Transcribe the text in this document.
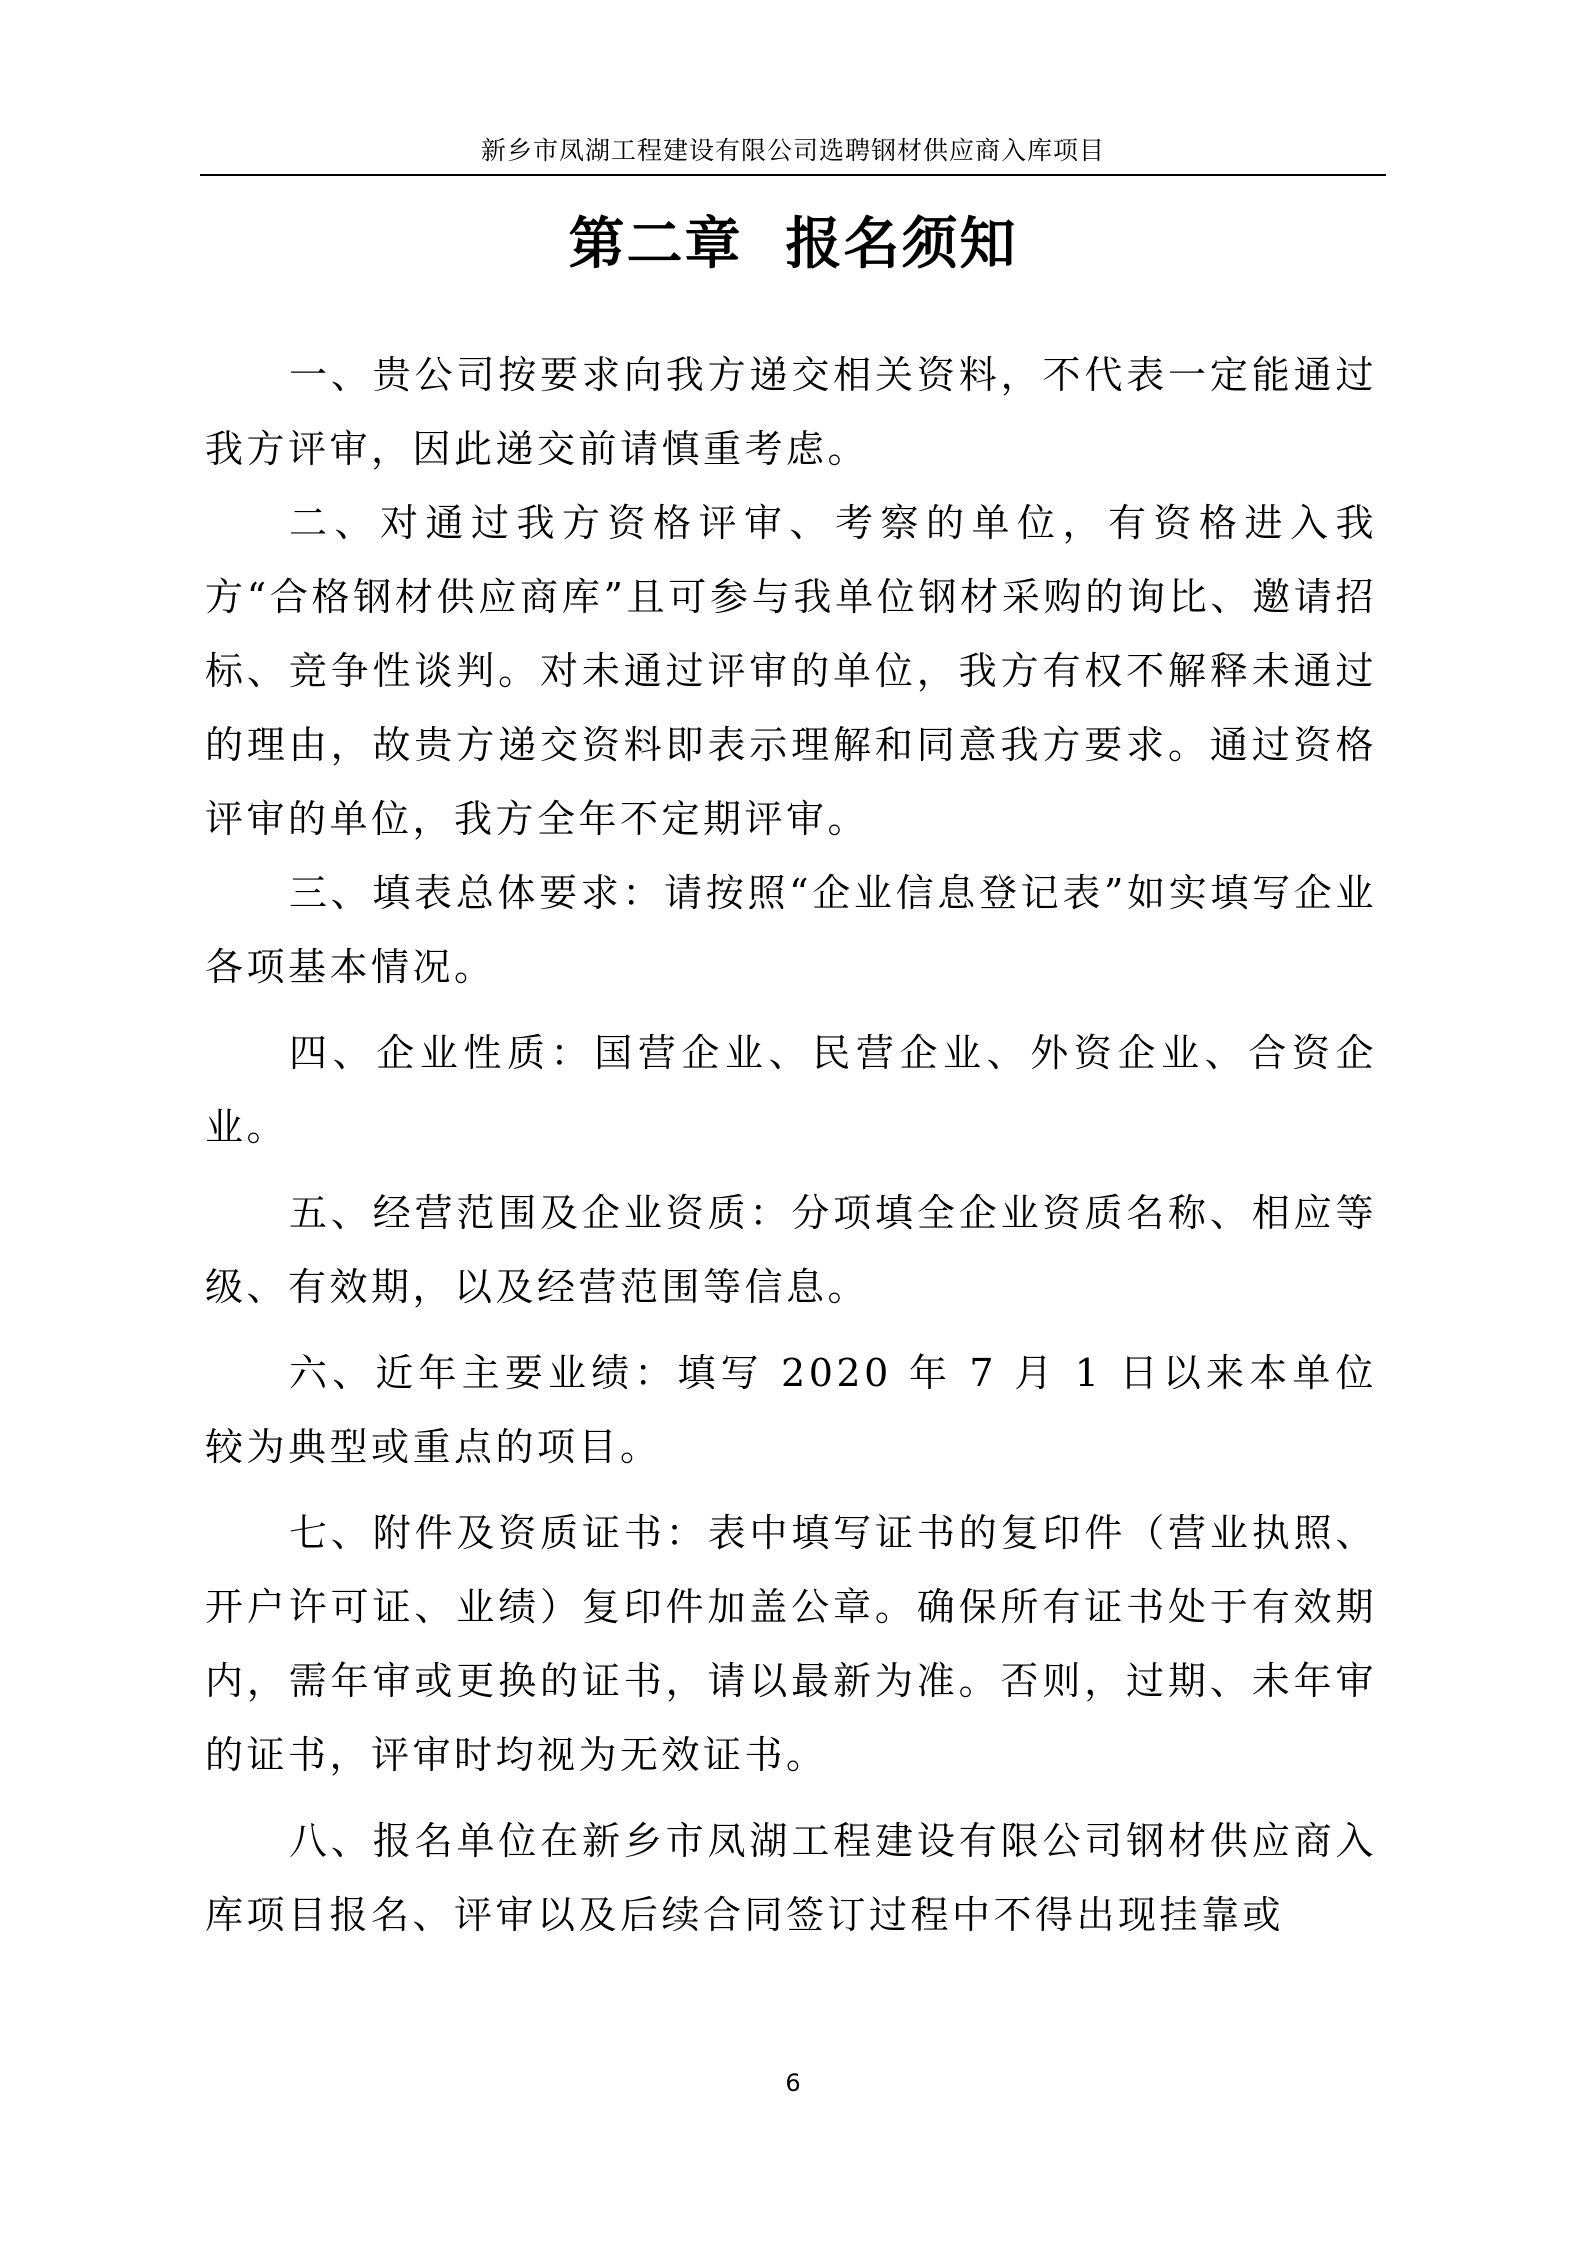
新乡市凤湖工程建设有限公司选聘钢材供应商入库项目
第二章  报名须知

一、贵公司按要求向我方递交相关资料，不代表一定能通过我方评审，因此递交前请慎重考虑。

二、对通过我方资格评审、考察的单位，有资格进入我方“合格钢材供应商库”且可参与我单位钢材采购的询比、邀请招标、竞争性谈判。对未通过评审的单位，我方有权不解释未通过的理由，故贵方递交资料即表示理解和同意我方要求。通过资格评审的单位，我方全年不定期评审。

三、填表总体要求：请按照“企业信息登记表”如实填写企业各项基本情况。

四、企业性质：国营企业、民营企业、外资企业、合资企业。

五、经营范围及企业资质：分项填全企业资质名称、相应等级、有效期，以及经营范围等信息。

六、近年主要业绩：填写 2020 年 7 月 1 日以来本单位较为典型或重点的项目。

七、附件及资质证书：表中填写证书的复印件（营业执照、开户许可证、业绩）复印件加盖公章。确保所有证书处于有效期内，需年审或更换的证书，请以最新为准。否则，过期、未年审的证书，评审时均视为无效证书。

八、报名单位在新乡市凤湖工程建设有限公司钢材供应商入库项目报名、评审以及后续合同签订过程中不得出现挂靠或

6
